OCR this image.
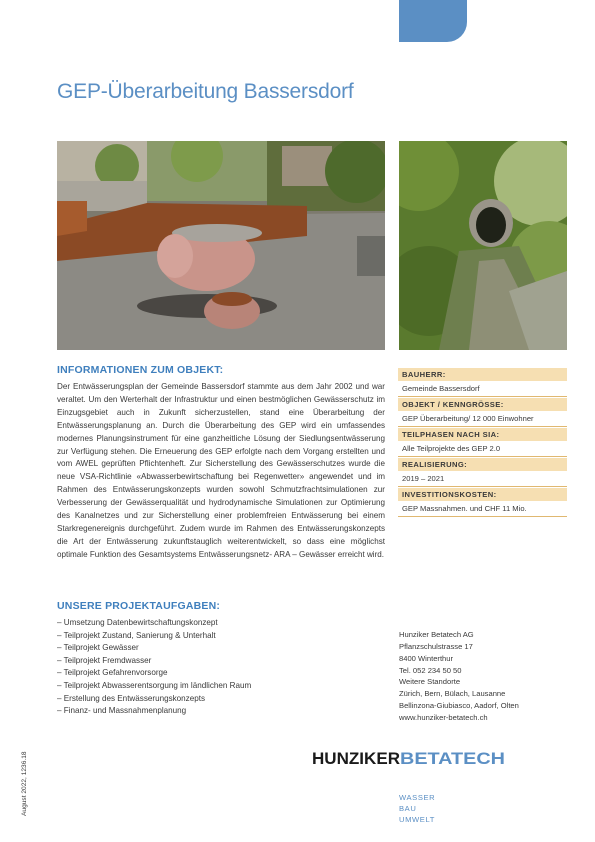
GEP-Überarbeitung Bassersdorf
INFORMATIONEN ZUM OBJEKT:
Der Entwässerungsplan der Gemeinde Bassersdorf stammte aus dem Jahr 2002 und war veraltet. Um den Werterhalt der Infrastruktur und einen bestmöglichen Gewässerschutz im Einzugsgebiet auch in Zukunft sicherzustellen, stand eine Überarbeitung der Entwässerungsplanung an. Durch die Überarbeitung des GEP wird ein umfassendes modernes Planungsinstrument für eine ganzheitliche Lösung der Siedlungsentwässerung zur Verfügung stehen. Die Erneuerung des GEP erfolgte nach dem Vorgang erstellten und vom AWEL geprüften Pflichtenheft. Zur Sicherstellung des Gewässerschutzes wurde die neue VSA-Richtlinie «Abwasserbewirtschaftung bei Regenwetter» angewendet und im Rahmen des Entwässerungskonzepts wurden sowohl Schmutzfrachtsimulationen zur Verbesserung der Gewässerqualität und hydrodynamische Simulationen zur Optimierung des Kanalnetzes und zur Sicherstellung einer problemfreien Entwässerung bei einem Starkregenereignis durchgeführt. Zudem wurde im Rahmen des Entwässerungskonzepts die Art der Entwässerung zukunftstauglich weiterentwickelt, so dass eine möglichst optimale Funktion des Gesamtsystems Entwässerungsnetz- ARA – Gewässer erreicht wird.
UNSERE PROJEKTAUFGABEN:
– Umsetzung Datenbewirtschaftungskonzept
– Teilprojekt Zustand, Sanierung & Unterhalt
– Teilprojekt Gewässer
– Teilprojekt Fremdwasser
– Teilprojekt Gefahrenvorsorge
– Teilprojekt Abwasserentsorgung im ländlichen Raum
– Erstellung des Entwässerungskonzepts
– Finanz- und Massnahmenplanung
BAUHERR:
Gemeinde Bassersdorf
OBJEKT / KENNGRÖSSE:
GEP Überarbeitung/ 12 000 Einwohner
TEILPHASEN NACH SIA:
Alle Teilprojekte des GEP 2.0
REALISIERUNG:
2019 – 2021
INVESTITIONSKOSTEN:
GEP Massnahmen. und CHF 11 Mio.
Hunziker Betatech AG
Pflanzschulstrasse 17
8400 Winterthur
Tel. 052 234 50 50
Weitere Standorte
Zürich, Bern, Bülach, Lausanne
Bellinzona-Giubiasco, Aadorf, Olten
www.hunziker-betatech.ch
HUNZIKER BETATECH
WASSER
BAU
UMWELT
August 2022, 1236.18
